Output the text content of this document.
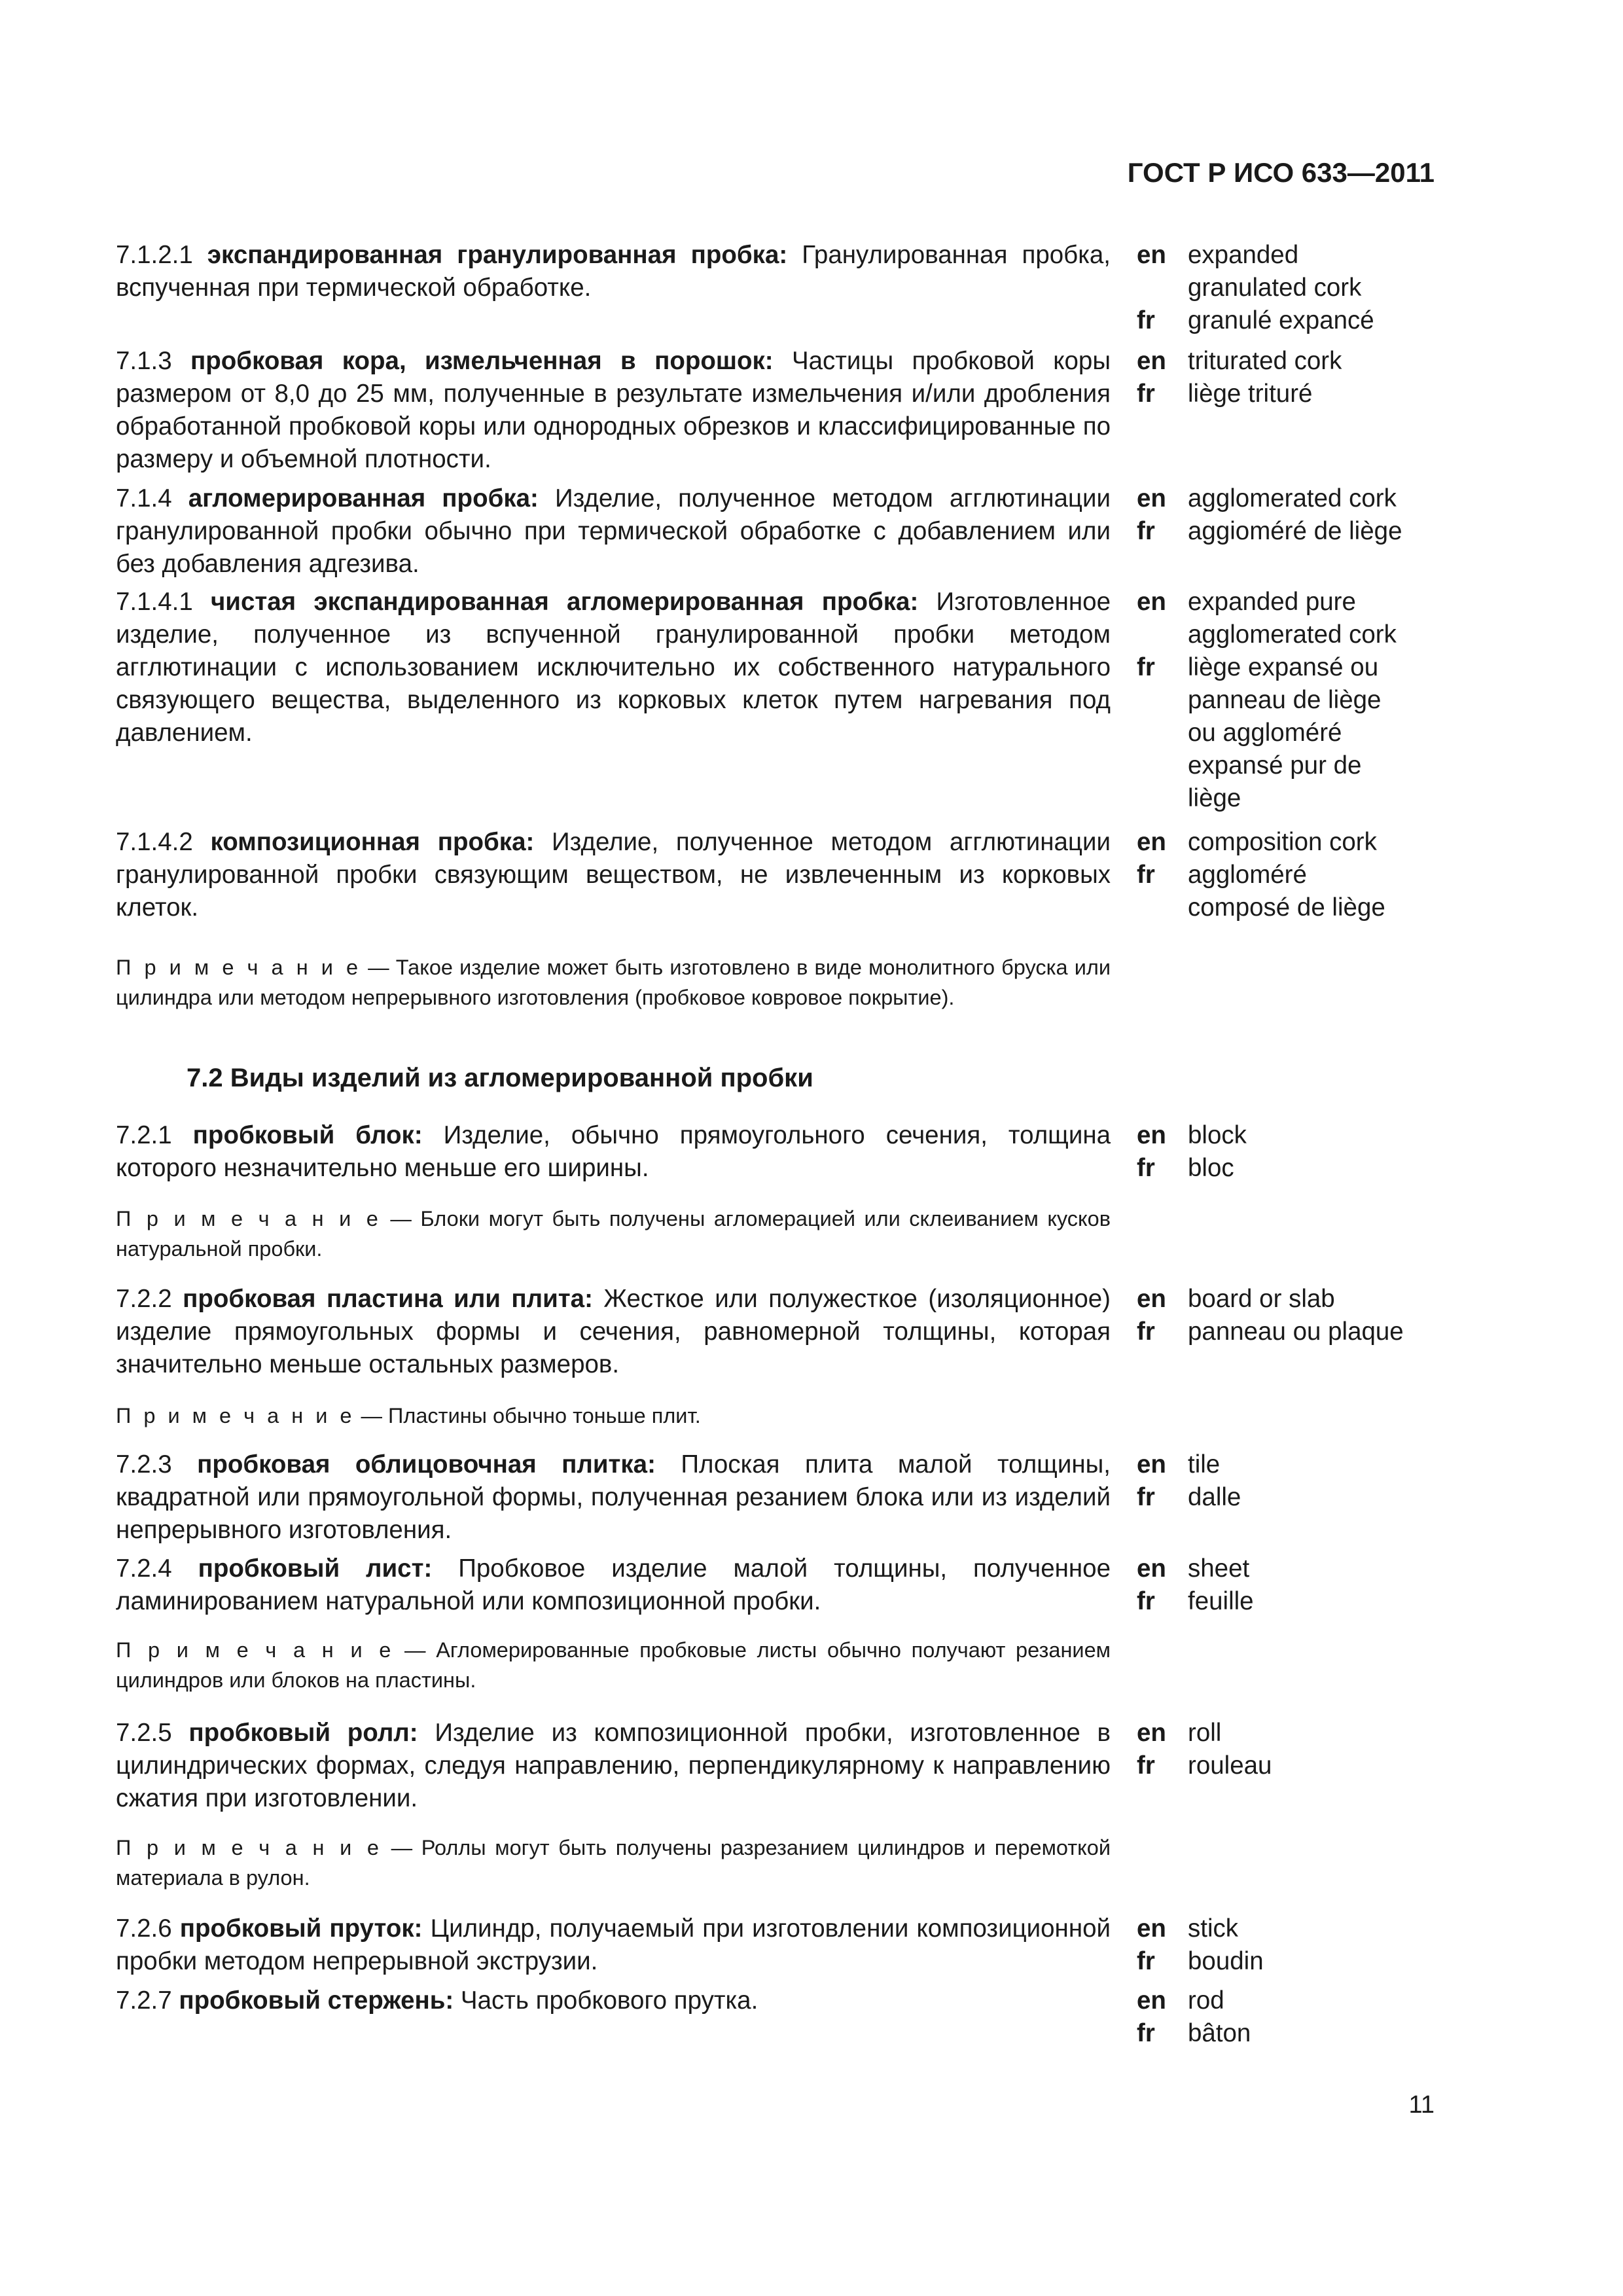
ГОСТ Р ИСО 633—2011
7.1.2.1 экспандированная гранулированная пробка: Гранулированная пробка, вспученная при термической обработке.
en expanded
granulated cork
fr	granulé expancé
7.1.3 пробковая кора, измельченная в порошок: Частицы пробковой коры размером от 8,0 до 25 мм, полученные в результате измельчения и/или дробления обработанной пробковой коры или однородных обрезков и классифицированные по размеру и объемной плотности.
en triturated cork
fr	liège trituré
7.1.4 агломерированная пробка: Изделие, полученное методом агглютинации гранулированной пробки обычно при термической обработке с добавлением или без добавления адгезива.
en agglomerated cork
fr	aggioméré de liège
7.1.4.1 чистая экспандированная агломерированная пробка: Изготовленное изделие, полученное из вспученной гранулированной пробки методом агглютинации с использованием исключительно их собственного натурального связующего вещества, выделенного из корковых клеток путем нагревания под давлением.
en expanded pure
agglomerated cork
fr	liège expansé ou
panneau de liège
ou aggloméré
expansé pur de
liège
7.1.4.2 композиционная пробка: Изделие, полученное методом агглютинации гранулированной пробки связующим веществом, не извлеченным из корковых клеток.
en composition cork
fr	aggloméré
composé de liège
П р и м е ч а н и е — Такое изделие может быть изготовлено в виде монолитного бруска или цилиндра или методом непрерывного изготовления (пробковое ковровое покрытие).
7.2 Виды изделий из агломерированной пробки
7.2.1 пробковый блок: Изделие, обычно прямоугольного сечения, толщина которого незначительно меньше его ширины.
en block
fr	bloc
П р и м е ч а н и е — Блоки могут быть получены агломерацией или склеиванием кусков натуральной пробки.
7.2.2 пробковая пластина или плита: Жесткое или полужесткое (изоляционное) изделие прямоугольных формы и сечения, равномерной толщины, которая значительно меньше остальных размеров.
en board or slab
fr	panneau ou plaque
П р и м е ч а н и е — Пластины обычно тоньше плит.
7.2.3 пробковая облицовочная плитка: Плоская плита малой толщины, квадратной или прямоугольной формы, полученная резанием блока или из изделий непрерывного изготовления.
en tile
fr	dalle
7.2.4 пробковый лист: Пробковое изделие малой толщины, полученное ламинированием натуральной или композиционной пробки.
en sheet
fr	feuille
П р и м е ч а н и е — Агломерированные пробковые листы обычно получают резанием цилиндров или блоков на пластины.
7.2.5 пробковый ролл: Изделие из композиционной пробки, изготовленное в цилиндрических формах, следуя направлению, перпендикулярному к направлению сжатия при изготовлении.
en roll
fr	rouleau
П р и м е ч а н и е — Роллы могут быть получены разрезанием цилиндров и перемоткой материала в рулон.
7.2.6 пробковый пруток: Цилиндр, получаемый при изготовлении композиционной пробки методом непрерывной экструзии.
en stick
fr	boudin
7.2.7 пробковый стержень: Часть пробкового прутка.	en rod
fr	bâton
11
